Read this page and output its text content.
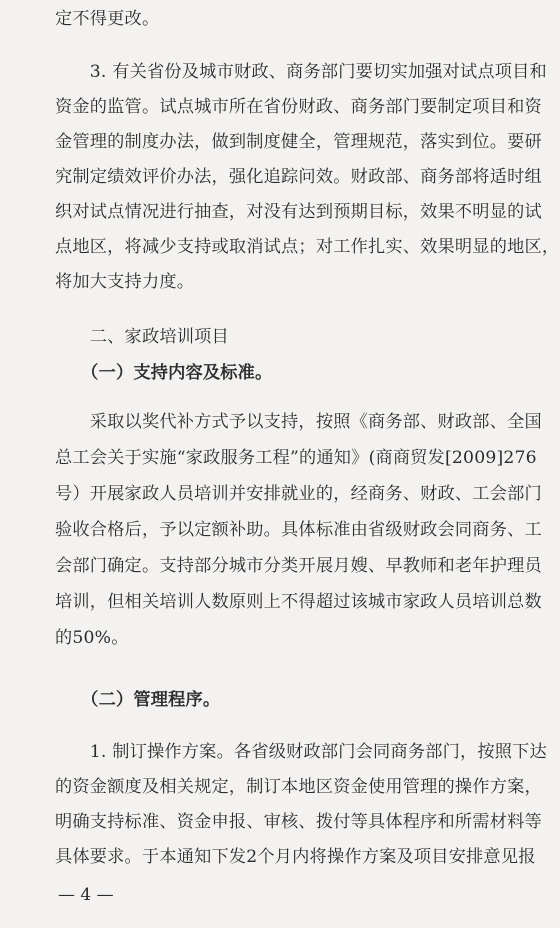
定不得更改。
　　3. 有关省份及城市财政、商务部门要切实加强对试点项目和
资金的监管。试点城市所在省份财政、商务部门要制定项目和资
金管理的制度办法，做到制度健全，管理规范，落实到位。要研
究制定绩效评价办法，强化追踪问效。财政部、商务部将适时组
织对试点情况进行抽查，对没有达到预期目标，效果不明显的试
点地区，将减少支持或取消试点；对工作扎实、效果明显的地区，
将加大支持力度。
　　二、家政培训项目
　　（一）支持内容及标准。
　　采取以奖代补方式予以支持，按照《商务部、财政部、全国
总工会关于实施“家政服务工程”的通知》(商商贸发[2009]276
号）开展家政人员培训并安排就业的，经商务、财政、工会部门
验收合格后，予以定额补助。具体标准由省级财政会同商务、工
会部门确定。支持部分城市分类开展月嫂、早教师和老年护理员
培训，但相关培训人数原则上不得超过该城市家政人员培训总数
的50%。
　　（二）管理程序。
　　1. 制订操作方案。各省级财政部门会同商务部门，按照下达
的资金额度及相关规定，制订本地区资金使用管理的操作方案，
明确支持标准、资金申报、审核、拨付等具体程序和所需材料等
具体要求。于本通知下发2个月内将操作方案及项目安排意见报
— 4 —
